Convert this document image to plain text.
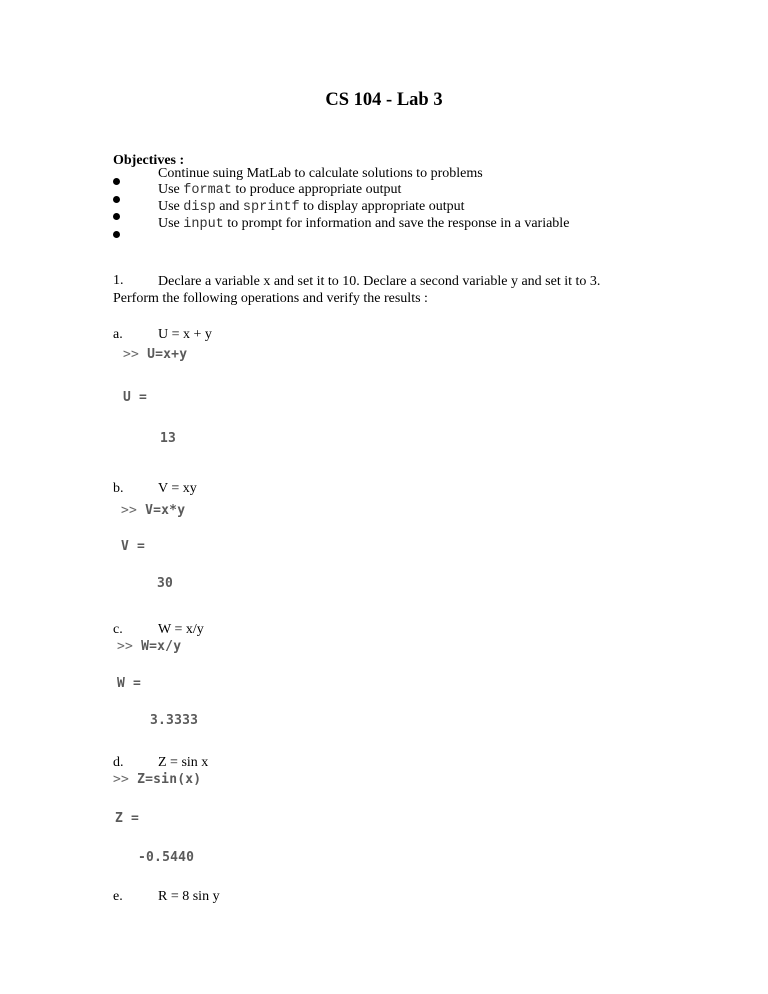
CS 104 - Lab 3
Objectives :
Continue suing MatLab to calculate solutions to problems
Use format to produce appropriate output
Use disp and sprintf to display appropriate output
Use input to prompt for information and save the response in a variable
1. Declare a variable x and set it to 10. Declare a second variable y and set it to 3.
Perform the following operations and verify the results :
a.	U = x + y
>> U=x+y
U =
13
b. V = xy
>> V=x*y
V =
30
c.	W = x/y
>> W=x/y
W =
3.3333
d. Z = sin x
>> Z=sin(x)
Z =
-0.5440
e.	R = 8 sin y
